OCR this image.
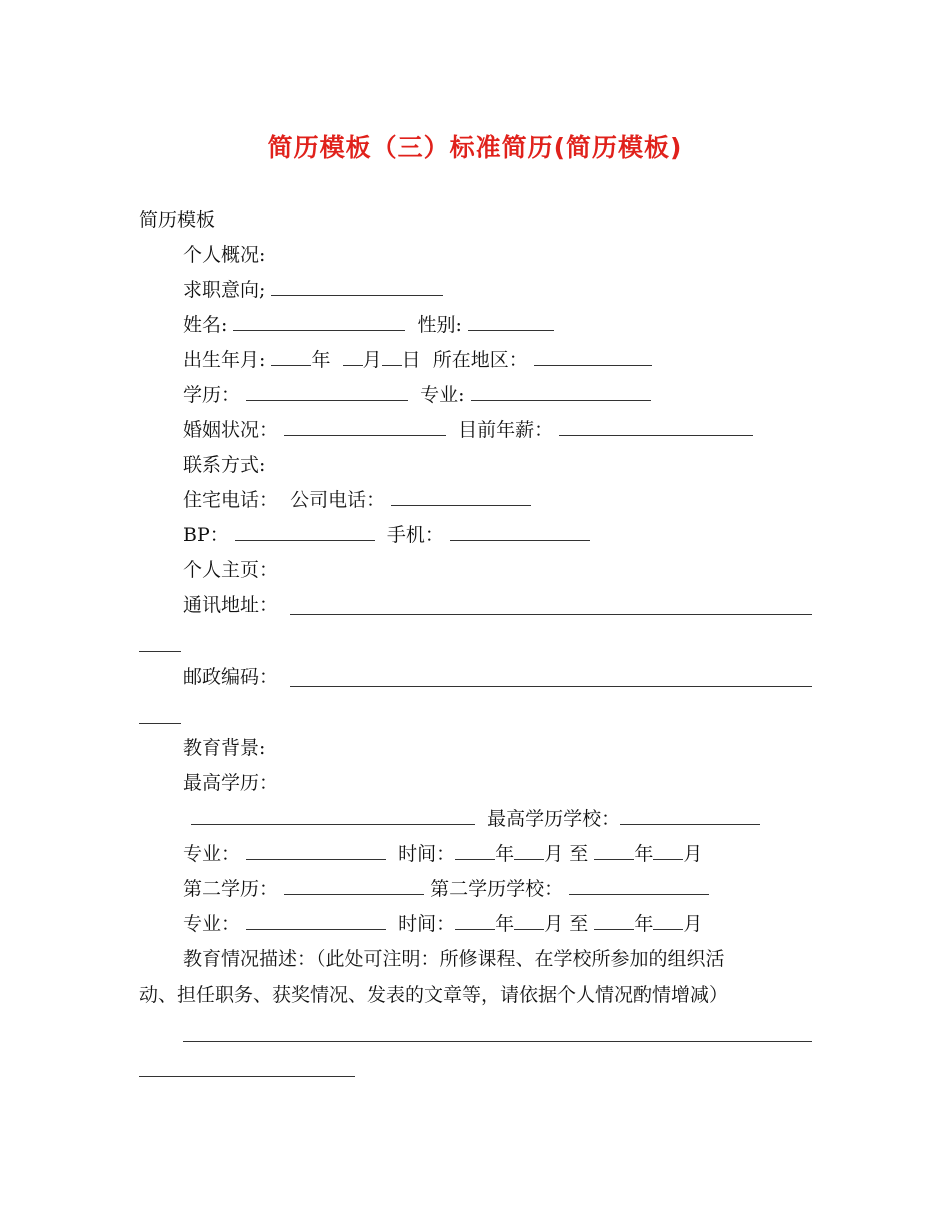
简历模板（三）标准简历(简历模板)
简历模板
个人概况:
求职意向;
姓名:	性别:
出生年月: 年 月 日 所在地区：
学历：	专业:
婚姻状况：	目前年薪：
联系方式:
住宅电话： 公司电话：
BP：	手机：
个人主页：
通讯地址：
邮政编码：
教育背景:
最高学历：
最高学历学校：
专业：	时间： 年 月 至 年 月
第二学历：	第二学历学校：
专业：	时间： 年 月 至 年 月
教育情况描述：（此处可注明：所修课程、在学校所参加的组织活
动、担任职务、获奖情况、发表的文章等，请依据个人情况酌情增减）
